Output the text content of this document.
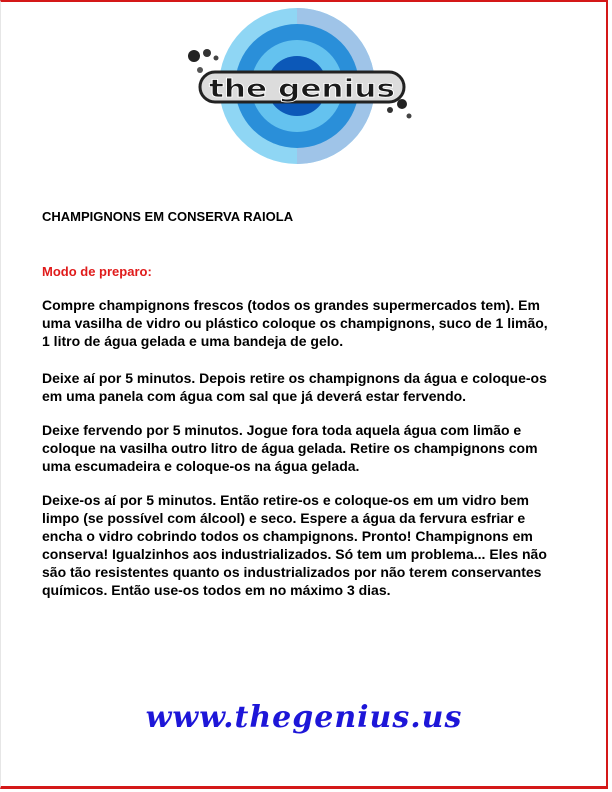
the genius
CHAMPIGNONS EM CONSERVA RAIOLA
Modo de preparo:

Compre champignons frescos (todos os grandes supermercados tem). Em
uma vasilha de vidro ou plástico coloque os champignons, suco de 1 limão,
1 litro de água gelada e uma bandeja de gelo.

Deixe aí por 5 minutos. Depois retire os champignons da água e coloque-os
em uma panela com água com sal que já deverá estar fervendo.

Deixe fervendo por 5 minutos. Jogue fora toda aquela água com limão e
coloque na vasilha outro litro de água gelada. Retire os champignons com
uma escumadeira e coloque-os na água gelada.

Deixe-os aí por 5 minutos. Então retire-os e coloque-os em um vidro bem
limpo (se possível com álcool) e seco. Espere a água da fervura esfriar e
encha o vidro cobrindo todos os champignons. Pronto! Champignons em
conserva! Igualzinhos aos industrializados. Só tem um problema... Eles não
são tão resistentes quanto os industrializados por não terem conservantes
químicos. Então use-os todos em no máximo 3 dias.

www.thegenius.us
